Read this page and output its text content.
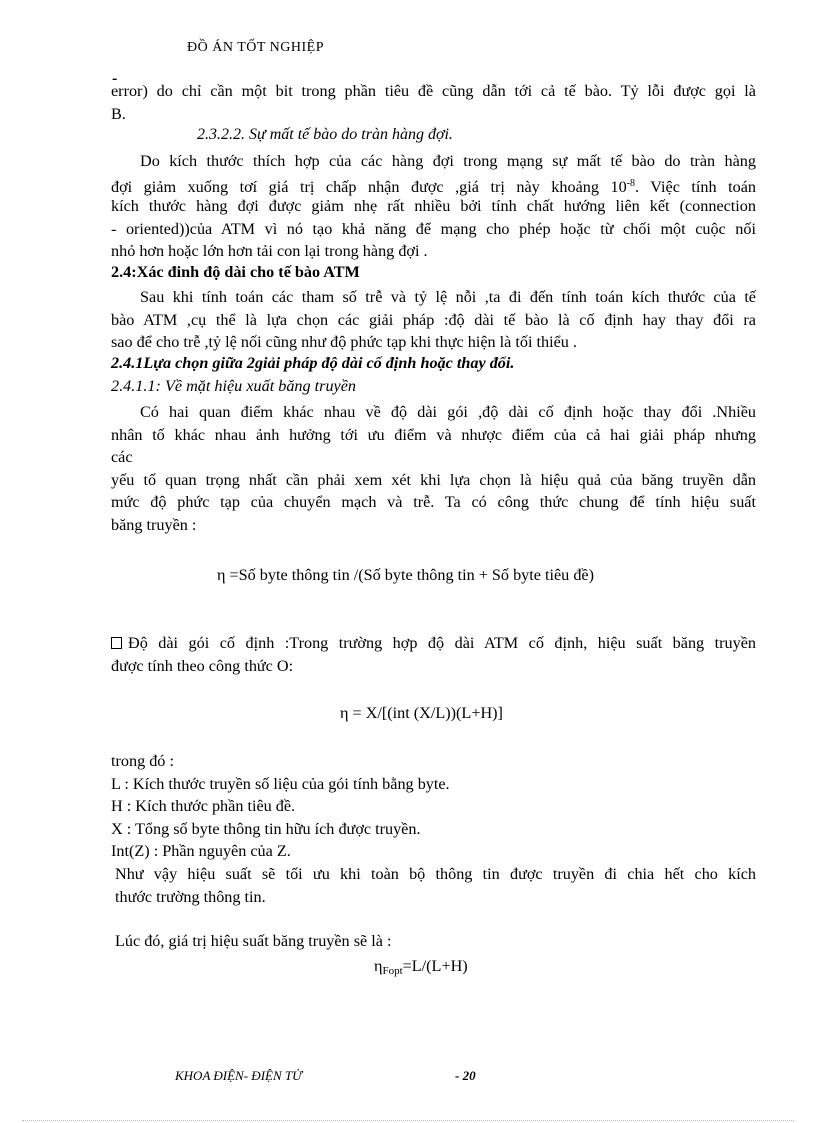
ĐỒ ÁN TỐT NGHIỆP
-
error) do chỉ cần một bit trong phần tiêu đề cũng dẫn tới cả tế bào. Tỷ lỗi được gọi là
B.
2.3.2.2. Sự mất tế bào do tràn hàng đợi.
Do kích thước thích hợp của các hàng đợi trong mạng sự mất tế bào do tràn hàng
đợi giảm xuống tơí giá trị chấp nhận được ,giá trị này khoảng $10^{-8}$. Việc tính toán
kích thước hàng đợi được giảm nhẹ rất nhiều bởi tính chất hướng liên kết (connection
- oriented))của ATM vì nó tạo khả năng để mạng cho phép hoặc từ chối một cuộc nối
nhỏ hơn hoặc lớn hơn tải con lại trong hàng đợi .
2.4:Xác đinh độ dài cho tế bào ATM
Sau khi tính toán các tham số trễ và tỷ lệ nỗi ,ta đi đến tính toán kích thước của tế
bào ATM ,cụ thể là lựa chọn các giải pháp :độ dài tế bào là cố định hay thay đổi ra
sao để cho trễ ,tỷ lệ nối cũng như độ phức tạp khi thực hiện là tối thiểu .
2.4.1Lựa chọn giữa 2giải pháp độ dài cố định hoặc thay đổi.
2.4.1.1: Về mặt hiệu xuất băng truyền
Có hai quan điểm khác nhau về độ dài gói ,độ dài cố định hoặc thay đổi .Nhiều
nhân tố khác nhau ảnh hưởng tới ưu điểm và nhược điểm của cả hai giải pháp nhưng
các
yếu tố quan trọng nhất cần phải xem xét khi lựa chọn là hiệu quả của băng truyền dẫn
mức độ phức tạp của chuyển mạch và trễ. Ta có công thức chung để tính hiệu suất
băng truyền :
η =Số byte thông tin /(Số byte thông tin + Số byte tiêu đề)
Độ dài gói cố định :Trong trường hợp độ dài ATM cố định, hiệu suất băng truyền
được tính theo công thức O:
η = X/[(int (X/L))(L+H)]
trong đó :
L : Kích thước truyền số liệu của gói tính bằng byte.
H : Kích thước phần tiêu đề.
X : Tổng số byte thông tin hữu ích được truyền.
Int(Z) : Phần nguyên của Z.
Như vậy hiệu suất sẽ tối ưu khi toàn bộ thông tin được truyền đi chia hết cho kích
thước trường thông tin.
Lúc đó, giá trị hiệu suất băng truyền sẽ là :
$\eta_{Fopt}=L/(L+H)$
KHOA ĐIỆN- ĐIỆN TỬ	- 20
